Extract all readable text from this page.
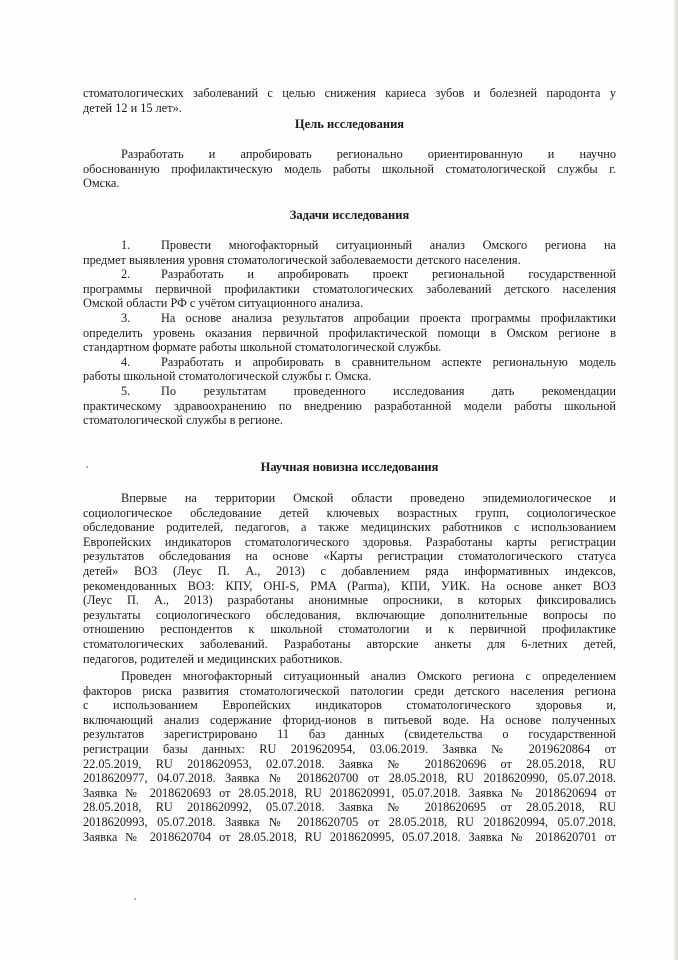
стоматологических заболеваний с целью снижения кариеса зубов и болезней пародонта у
детей 12 и 15 лет».
Цель исследования
Разработать и апробировать регионально ориентированную и научно
обоснованную профилактическую модель работы школьной стоматологической службы г.
Омска.
Задачи исследования
1.	Провести многофакторный ситуационный анализ Омского региона на
предмет выявления уровня стоматологической заболеваемости детского населения.
2.	Разработать и апробировать проект региональной государственной
программы первичной профилактики стоматологических заболеваний детского населения
Омской области РФ с учётом ситуационного анализа.
3.	На основе анализа результатов апробации проекта программы профилактики
определить уровень оказания первичной профилактической помощи в Омском регионе в
стандартном формате работы школьной стоматологической службы.
4.	Разработать и апробировать в сравнительном аспекте региональную модель
работы школьной стоматологической службы г. Омска.
5.	По результатам проведенного исследования дать рекомендации
практическому здравоохранению по внедрению разработанной модели работы школьной
стоматологической службы в регионе.
Научная новизна исследования
Впервые на территории Омской области проведено эпидемиологическое и
социологическое обследование детей ключевых возрастных групп, социологическое
обследование родителей, педагогов, а также медицинских работников с использованием
Европейских индикаторов стоматологического здоровья. Разработаны карты регистрации
результатов обследования на основе «Карты регистрации стоматологического статуса
детей» ВОЗ (Леус П. А., 2013) с добавлением ряда информативных индексов,
рекомендованных ВОЗ: КПУ, OHI-S, PMA (Parma), КПИ, УИК. На основе анкет ВОЗ
(Леус П. А., 2013) разработаны анонимные опросники, в которых фиксировались
результаты социологического обследования, включающие дополнительные вопросы по
отношению респондентов к школьной стоматологии и к первичной профилактике
стоматологических заболеваний. Разработаны авторские анкеты для 6-летних детей,
педагогов, родителей и медицинских работников.
Проведен многофакторный ситуационный анализ Омского региона с определением
факторов риска развития стоматологической патологии среди детского населения региона
с использованием Европейских индикаторов стоматологического здоровья и,
включающий анализ содержание фторид-ионов в питьевой воде. На основе полученных
результатов зарегистрировано 11 баз данных (свидетельства о государственной
регистрации базы данных: RU 2019620954, 03.06.2019. Заявка № 2019620864 от
22.05.2019, RU 2018620953, 02.07.2018. Заявка № 2018620696 от 28.05.2018, RU
2018620977, 04.07.2018. Заявка № 2018620700 от 28.05.2018, RU 2018620990, 05.07.2018.
Заявка № 2018620693 от 28.05.2018, RU 2018620991, 05.07.2018. Заявка № 2018620694 от
28.05.2018, RU 2018620992, 05.07.2018. Заявка № 2018620695 от 28.05.2018, RU
2018620993, 05.07.2018. Заявка № 2018620705 от 28.05.2018, RU 2018620994, 05.07.2018.
Заявка № 2018620704 от 28.05.2018, RU 2018620995, 05.07.2018. Заявка № 2018620701 от
